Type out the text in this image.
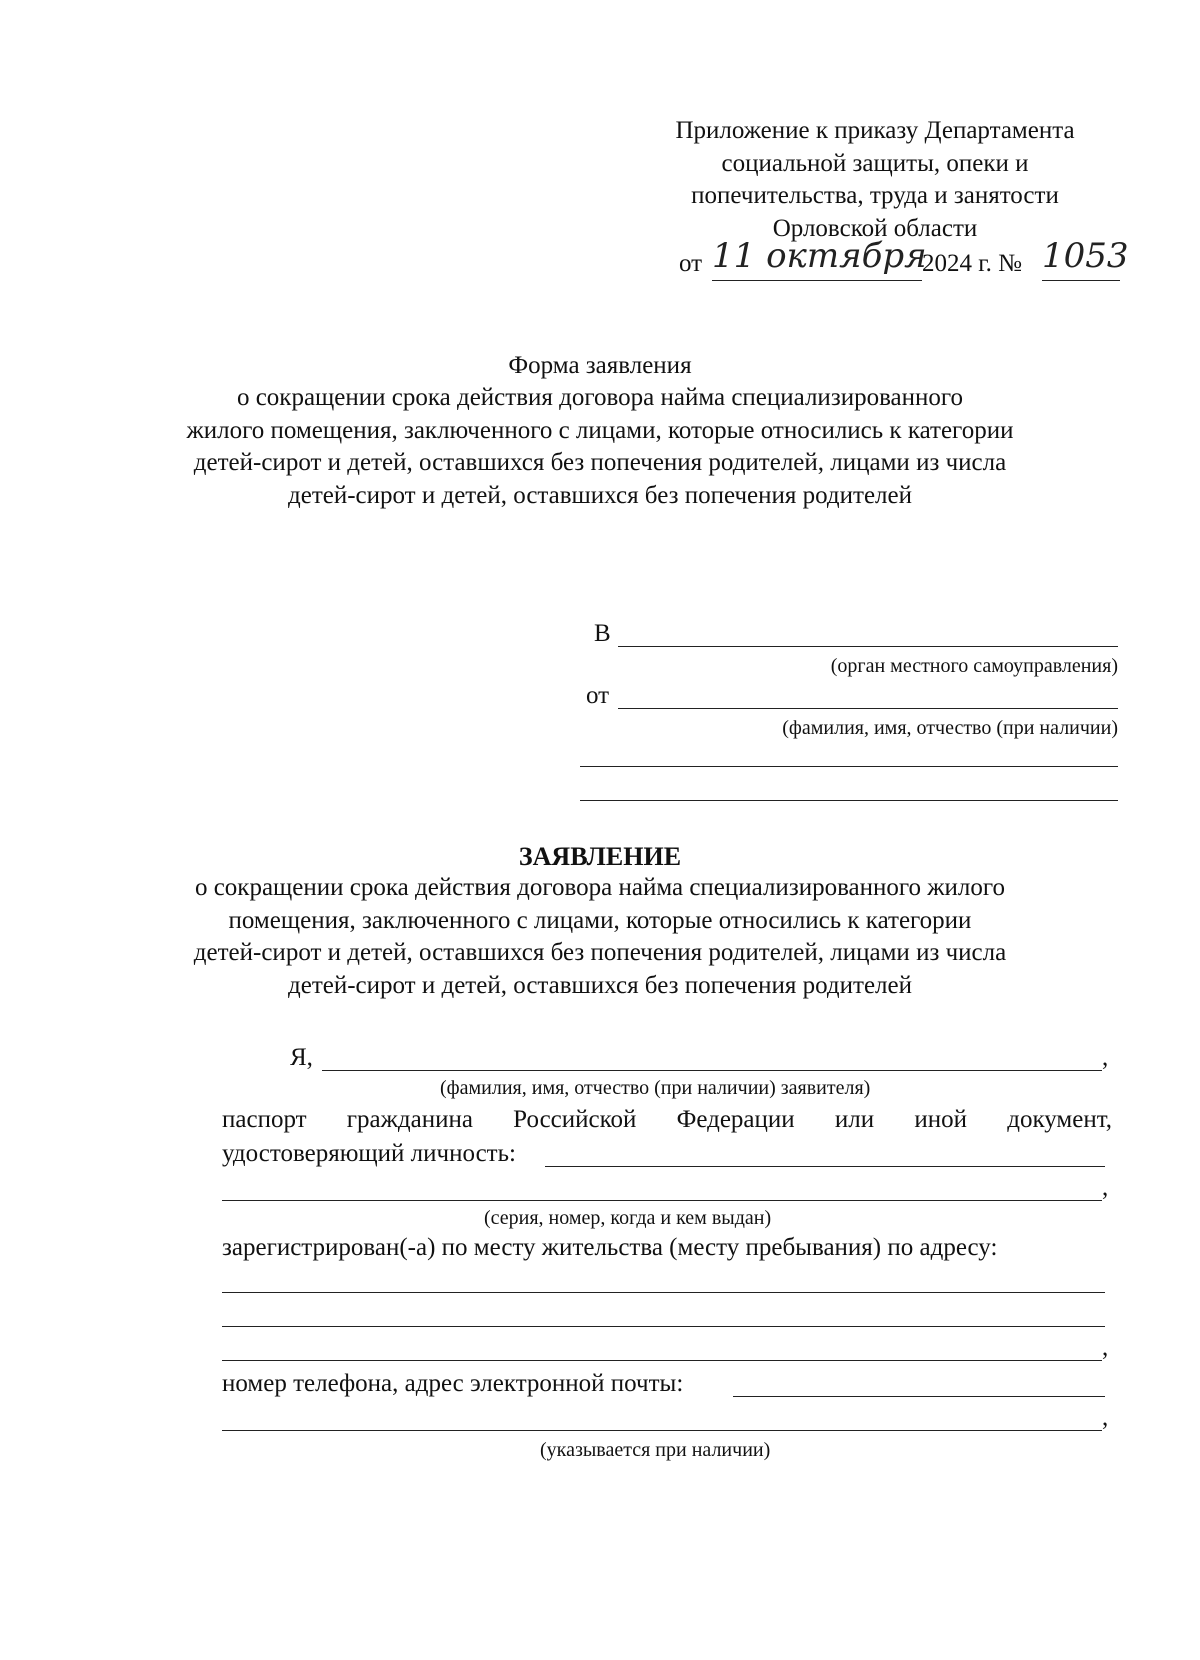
Приложение к приказу Департамента
социальной защиты, опеки и
попечительства, труда и занятости
Орловской области
от 11 октября
2024 г. № 1053
Форма заявления
о сокращении срока действия договора найма специализированного
жилого помещения, заключенного с лицами, которые относились к категории
детей-сирот и детей, оставшихся без попечения родителей, лицами из числа
детей-сирот и детей, оставшихся без попечения родителей
В
(орган местного самоуправления)
от
(фамилия, имя, отчество (при наличии)
ЗАЯВЛЕНИЕ
о сокращении срока действия договора найма специализированного жилого
помещения, заключенного с лицами, которые относились к категории
детей-сирот и детей, оставшихся без попечения родителей, лицами из числа
детей-сирот и детей, оставшихся без попечения родителей
Я,	,
(фамилия, имя, отчество (при наличии) заявителя)
паспорт гражданина Российской Федерации или иной документ,
удостоверяющий личность:
,
(серия, номер, когда и кем выдан)
зарегистрирован(-а) по месту жительства (месту пребывания) по адресу:
,
номер телефона, адрес электронной почты:
,
(указывается при наличии)
